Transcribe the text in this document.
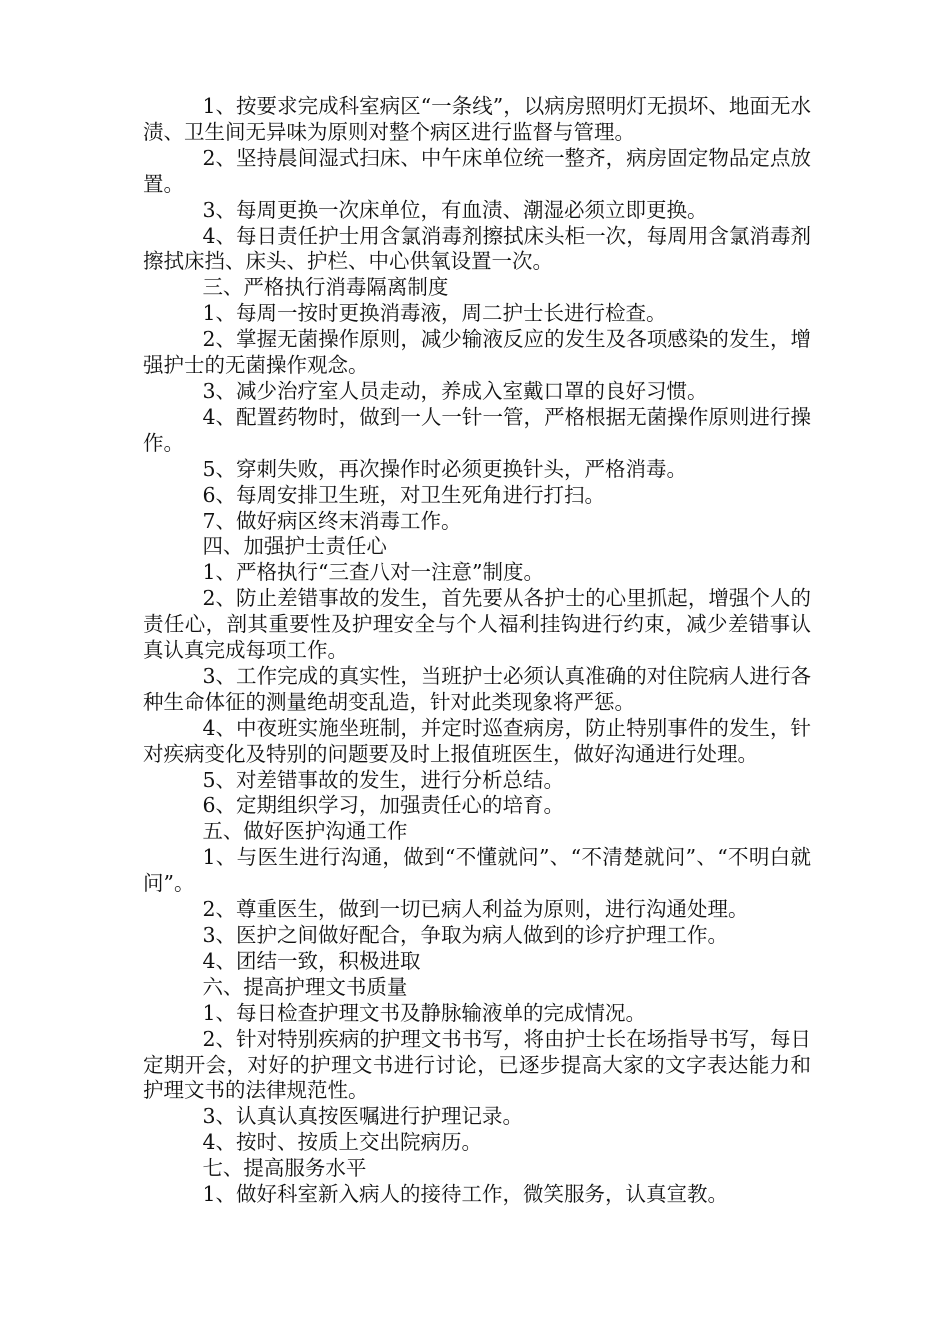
1、按要求完成科室病区“一条线”，以病房照明灯无损坏、地面无水渍、卫生间无异味为原则对整个病区进行监督与管理。

2、坚持晨间湿式扫床、中午床单位统一整齐，病房固定物品定点放置。

3、每周更换一次床单位，有血渍、潮湿必须立即更换。

4、每日责任护士用含氯消毒剂擦拭床头柜一次，每周用含氯消毒剂擦拭床挡、床头、护栏、中心供氧设置一次。

三、严格执行消毒隔离制度

1、每周一按时更换消毒液，周二护士长进行检查。

2、掌握无菌操作原则，减少输液反应的发生及各项感染的发生，增强护士的无菌操作观念。

3、减少治疗室人员走动，养成入室戴口罩的良好习惯。

4、配置药物时，做到一人一针一管，严格根据无菌操作原则进行操作。

5、穿刺失败，再次操作时必须更换针头，严格消毒。

6、每周安排卫生班，对卫生死角进行打扫。

7、做好病区终末消毒工作。

四、加强护士责任心

1、严格执行“三查八对一注意”制度。

2、防止差错事故的发生，首先要从各护士的心里抓起，增强个人的责任心，剖其重要性及护理安全与个人福利挂钩进行约束，减少差错事认真认真完成每项工作。

3、工作完成的真实性，当班护士必须认真准确的对住院病人进行各种生命体征的测量绝胡变乱造，针对此类现象将严惩。

4、中夜班实施坐班制，并定时巡查病房，防止特别事件的发生，针对疾病变化及特别的问题要及时上报值班医生，做好沟通进行处理。

5、对差错事故的发生，进行分析总结。

6、定期组织学习，加强责任心的培育。

五、做好医护沟通工作

1、与医生进行沟通，做到“不懂就问”、“不清楚就问”、“不明白就问”。

2、尊重医生，做到一切已病人利益为原则，进行沟通处理。

3、医护之间做好配合，争取为病人做到的诊疗护理工作。

4、团结一致，积极进取

六、提高护理文书质量

1、每日检查护理文书及静脉输液单的完成情况。

2、针对特别疾病的护理文书书写，将由护士长在场指导书写，每日定期开会，对好的护理文书进行讨论，已逐步提高大家的文字表达能力和护理文书的法律规范性。

3、认真认真按医嘱进行护理记录。

4、按时、按质上交出院病历。

七、提高服务水平

1、做好科室新入病人的接待工作，微笑服务，认真宣教。
